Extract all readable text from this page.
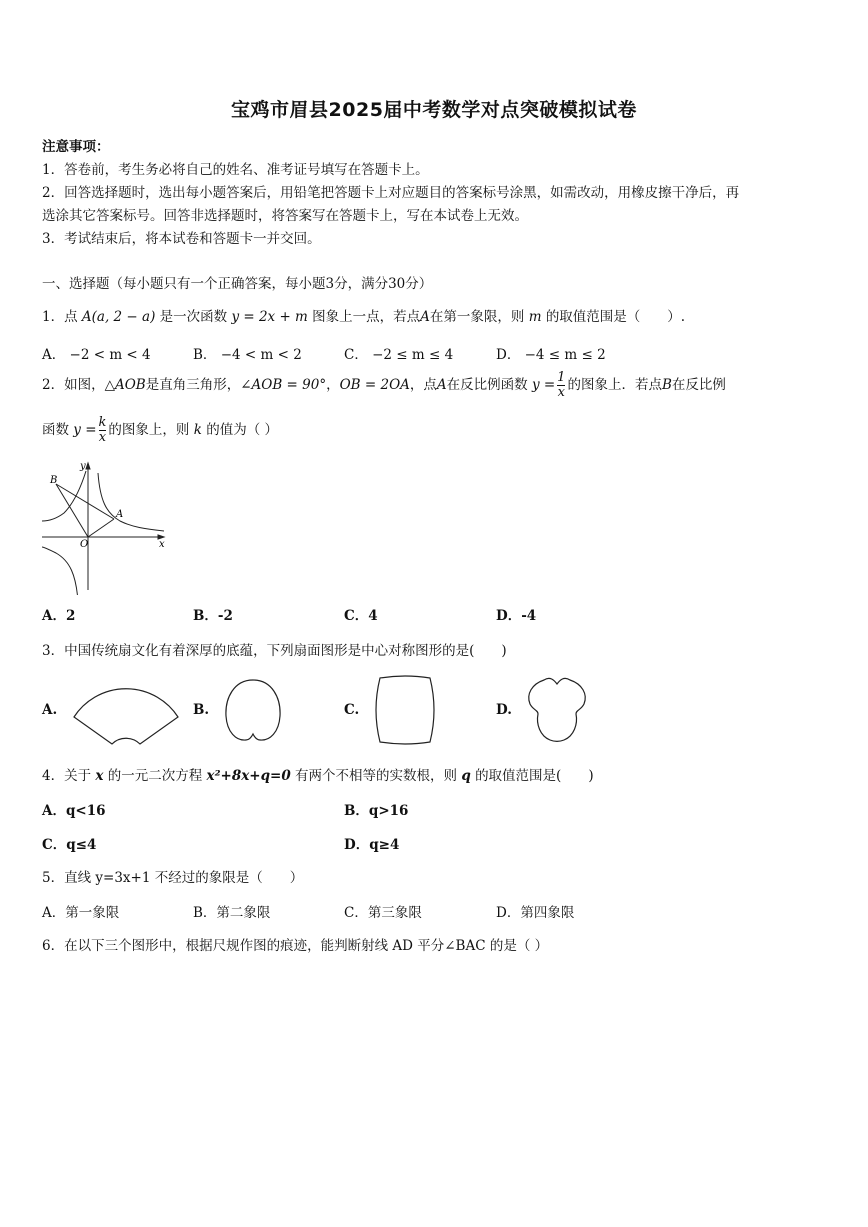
宝鸡市眉县2025届中考数学对点突破模拟试卷
注意事项：
1．答卷前，考生务必将自己的姓名、准考证号填写在答题卡上。
2．回答选择题时，选出每小题答案后，用铅笔把答题卡上对应题目的答案标号涂黑，如需改动，用橡皮擦干净后，再
选涂其它答案标号。回答非选择题时，将答案写在答题卡上，写在本试卷上无效。
3．考试结束后，将本试卷和答题卡一并交回。
一、选择题（每小题只有一个正确答案，每小题3分，满分30分）
1．点 A(a, 2 − a) 是一次函数 y = 2x + m 图象上一点，若点A在第一象限，则 m 的取值范围是（　　）.
A． −2 < m < 4	B． −4 < m < 2	C． −2 ≤ m ≤ 4	D． −4 ≤ m ≤ 2
2．如图，△AOB是直角三角形，∠AOB = 90°，OB = 2OA，点A在反比例函数 $y = \frac{1}{x}$ 的图象上．若点B在反比例
函数 $y = \frac{k}{x}$ 的图象上，则 k 的值为（ ）
O
A
B
y
x
A．2	B．-2	C．4	D．-4
3．中国传统扇文化有着深厚的底蕴，下列扇面图形是中心对称图形的是(　　)
A.	B.	C.	D.
4．关于 x 的一元二次方程 x²+8x+q=0 有两个不相等的实数根，则 q 的取值范围是(　　)
A．q<16	B．q>16
C．q≤4	D．q≥4
5．直线 y=3x+1 不经过的象限是（　　）
A．第一象限	B．第二象限	C．第三象限	D．第四象限
6．在以下三个图形中，根据尺规作图的痕迹，能判断射线 AD 平分∠BAC 的是（ ）
